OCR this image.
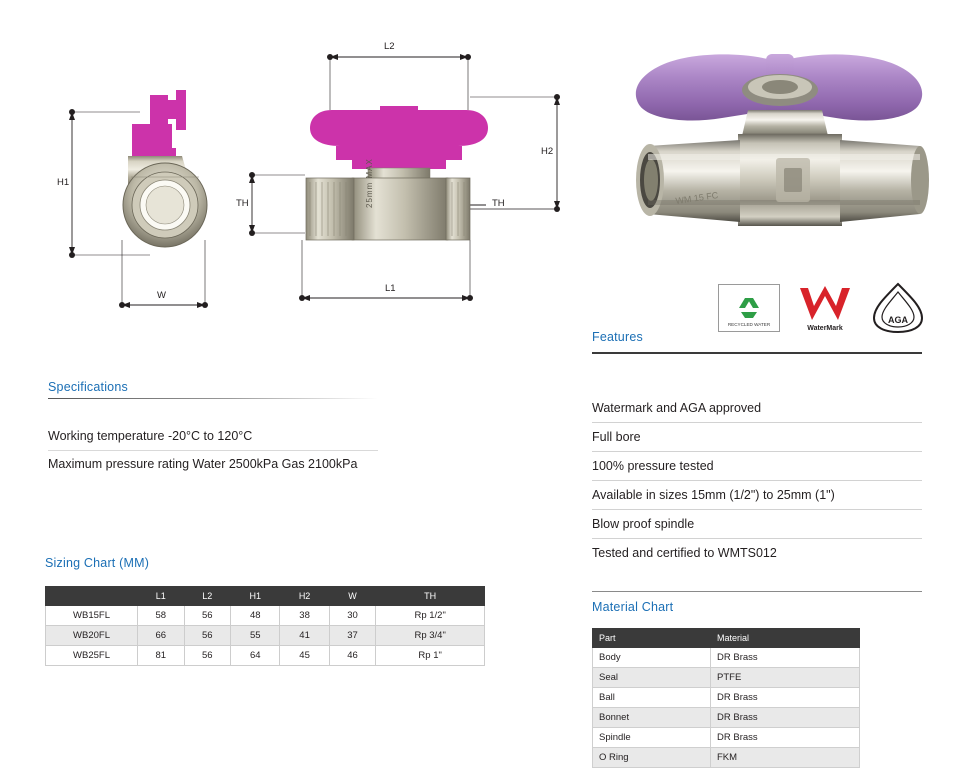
25mm MAX
H1
W
L2
L1
H2
TH	TH
Specifications
Working temperature -20°C to 120°C
Maximum pressure rating Water 2500kPa Gas 2100kPa
Sizing Chart (MM)
	L1	L2	H1	H2	W	TH
WB15FL	58	56	48	38	30	Rp 1/2"
WB20FL	66	56	55	41	37	Rp 3/4"
WB25FL	81	56	64	45	46	Rp 1"
WM 15 FC
RECYCLED WATER
WaterMark
AGA
Features
Watermark and AGA approved
Full bore
100% pressure tested
Available in sizes 15mm (1/2") to 25mm (1")
Blow proof spindle
Tested and certified to WMTS012
Material Chart
Part	Material
Body	DR Brass
Seal	PTFE
Ball	DR Brass
Bonnet	DR Brass
Spindle	DR Brass
O Ring	FKM
